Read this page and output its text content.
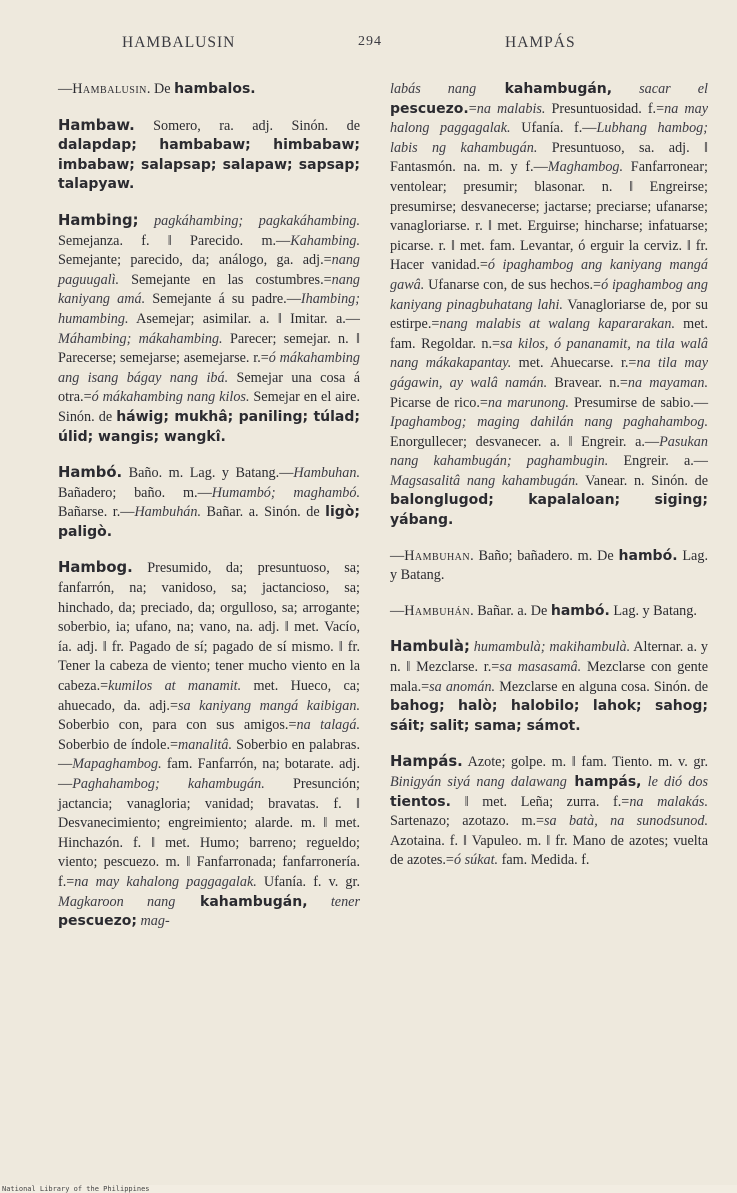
HAMBALUSIN	294	HAMPÁS

—Hambalusin. De hambalos.

Hambaw. Somero, ra. adj. Sinón. de dalapdap; hambabaw; himbabaw; imbabaw; salapsap; salapaw; sapsap; talapyaw.

Hambing; pagkáhambing; pagkakáhambing. Semejanza. f. ‖ Parecido. m.—Kahambing. Semejante; parecido, da; análogo, ga. adj.=nang paguugalì. Semejante en las costumbres.=nang kaniyang amá. Semejante á su padre.—Ihambing; humambing. Asemejar; asimilar. a. ‖ Imitar. a.—Máhambing; mákahambing. Parecer; semejar. n. ‖ Parecerse; semejarse; asemejarse. r.=ó mákahambing ang isang bágay nang ibá. Semejar una cosa á otra.=ó mákahambing nang kilos. Semejar en el aire. Sinón. de háwig; mukhâ; paniling; túlad; úlid; wangis; wangkî.

Hambó. Baño. m. Lag. y Batang.—Hambuhan. Bañadero; baño. m.—Humambó; maghambó. Bañarse. r.—Hambuhán. Bañar. a. Sinón. de ligò; paligò.

Hambog. Presumido, da; presuntuoso, sa; fanfarrón, na; vanidoso, sa; jactancioso, sa; hinchado, da; preciado, da; orgulloso, sa; arrogante; soberbio, ia; ufano, na; vano, na. adj. ‖ met. Vacío, ía. adj. ‖ fr. Pagado de sí; pagado de sí mismo. ‖ fr. Tener la cabeza de viento; tener mucho viento en la cabeza.=kumilos at manamit. met. Hueco, ca; ahuecado, da. adj.=sa kaniyang mangá kaibigan. Soberbio con, para con sus amigos.=na talagá. Soberbio de índole.=manalitâ. Soberbio en palabras.—Mapaghambog. fam. Fanfarrón, na; botarate. adj.—Paghahambog; kahambugán. Presunción; jactancia; vanagloria; vanidad; bravatas. f. ‖ Desvanecimiento; engreimiento; alarde. m. ‖ met. Hinchazón. f. ‖ met. Humo; barreno; regueldo; viento; pescuezo. m. ‖ Fanfarronada; fanfarronería. f.=na may kahalong paggagalak. Ufanía. f. v. gr. Magkaroon nang kahambugán, tener pescuezo; mag-

labás nang kahambugán, sacar el pescuezo.=na malabis. Presuntuosidad. f.=na may halong paggagalak. Ufanía. f.—Lubhang hambog; labis ng kahambugán. Presuntuoso, sa. adj. ‖ Fantasmón. na. m. y f.—Maghambog. Fanfarronear; ventolear; presumir; blasonar. n. ‖ Engreirse; presumirse; desvanecerse; jactarse; preciarse; ufanarse; vanagloriarse. r. ‖ met. Erguirse; hincharse; infatuarse; picarse. r. ‖ met. fam. Levantar, ó erguir la cerviz. ‖ fr. Hacer vanidad.=ó ipaghambog ang kaniyang mangá gawâ. Ufanarse con, de sus hechos.=ó ipaghambog ang kaniyang pinagbuhatang lahi. Vanagloriarse de, por su estirpe.=nang malabis at walang kapararakan. met. fam. Regoldar. n.=sa kilos, ó pananamit, na tila walâ nang mákakapantay. met. Ahuecarse. r.=na tila may gágawin, ay walâ namán. Bravear. n.=na mayaman. Picarse de rico.=na marunong. Presumirse de sabio.—Ipaghambog; maging dahilán nang paghahambog. Enorgullecer; desvanecer. a. ‖ Engreir. a.—Pasukan nang kahambugán; paghambugin. Engreir. a.—Magsasalitâ nang kahambugán. Vanear. n. Sinón. de balonglugod; kapalaloan; siging; yábang.

—Hambuhan. Baño; bañadero. m. De hambó. Lag. y Batang.

—Hambuhán. Bañar. a. De hambó. Lag. y Batang.

Hambulà; humambulà; makihambulà. Alternar. a. y n. ‖ Mezclarse. r.=sa masasamâ. Mezclarse con gente mala.=sa anomán. Mezclarse en alguna cosa. Sinón. de bahog; halò; halobilo; lahok; sahog; sáit; salit; sama; sámot.

Hampás. Azote; golpe. m. ‖ fam. Tiento. m. v. gr. Binigyán siyá nang dalawang hampás, le dió dos tientos. ‖ met. Leña; zurra. f.=na malakás. Sartenazo; azotazo. m.=sa batà, na sunodsunod. Azotaina. f. ‖ Vapuleo. m. ‖ fr. Mano de azotes; vuelta de azotes.=ó súkat. fam. Medida. f.

National Library of the Philippines
